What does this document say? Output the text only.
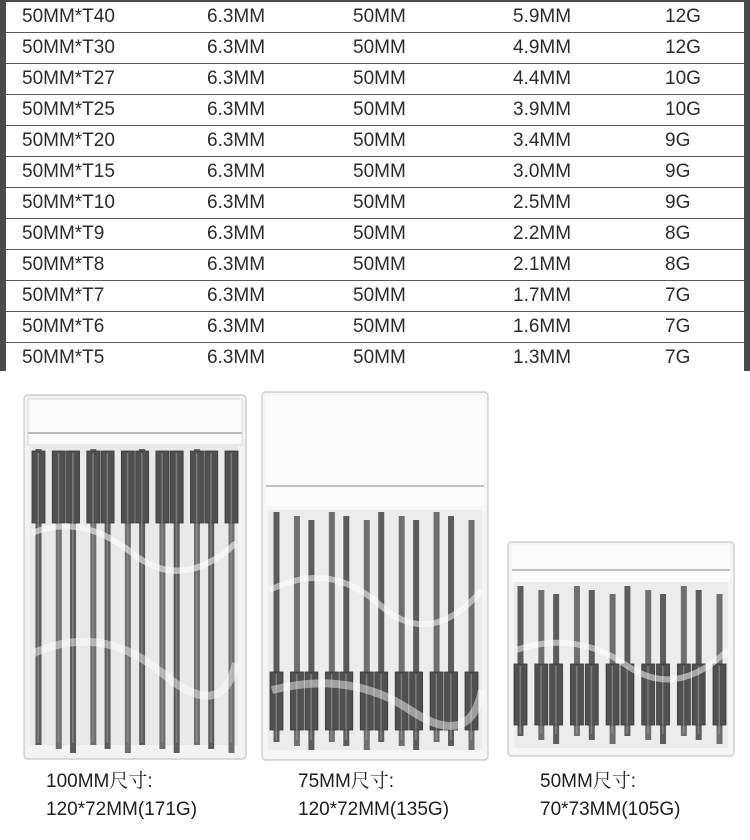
50MM*T40	6.3MM	50MM	5.9MM	12G
50MM*T30	6.3MM	50MM	4.9MM	12G
50MM*T27	6.3MM	50MM	4.4MM	10G
50MM*T25	6.3MM	50MM	3.9MM	10G
50MM*T20	6.3MM	50MM	3.4MM	9G
50MM*T15	6.3MM	50MM	3.0MM	9G
50MM*T10	6.3MM	50MM	2.5MM	9G
50MM*T9	6.3MM	50MM	2.2MM	8G
50MM*T8	6.3MM	50MM	2.1MM	8G
50MM*T7	6.3MM	50MM	1.7MM	7G
50MM*T6	6.3MM	50MM	1.6MM	7G
50MM*T5	6.3MM	50MM	1.3MM	7G
100MM尺寸:
120*72MM(171G)
75MM尺寸:
120*72MM(135G)
50MM尺寸:
70*73MM(105G)
